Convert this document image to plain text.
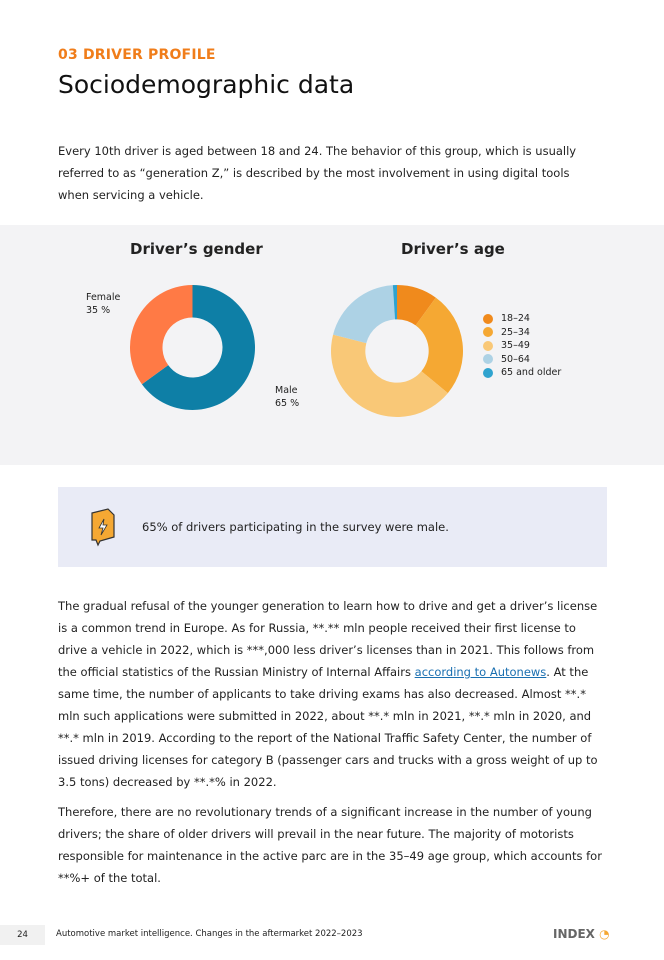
03 DRIVER PROFILE
Sociodemographic data
Every 10th driver is aged between 18 and 24. The behavior of this group, which is usually referred to as “generation Z,” is described by the most involvement in using digital tools when servicing a vehicle.
Driver’s gender	Driver’s age
Female
35 %
Male
65 %
18–24
25–34
35–49
50–64
65 and older
65% of drivers participating in the survey were male.

The gradual refusal of the younger generation to learn how to drive and get a driver’s license is a common trend in Europe. As for Russia, **.** mln people received their first license to drive a vehicle in 2022, which is ***,000 less driver’s licenses than in 2021. This follows from the official statistics of the Russian Ministry of Internal Affairs according to Autonews. At the same time, the number of applicants to take driving exams has also decreased. Almost **.* mln such applications were submitted in 2022, about **.* mln in 2021, **.* mln in 2020, and **.* mln in 2019. According to the report of the National Traffic Safety Center, the number of issued driving licenses for category B (passenger cars and trucks with a gross weight of up to 3.5 tons) decreased by **.*% in 2022.

Therefore, there are no revolutionary trends of a significant increase in the number of young drivers; the share of older drivers will prevail in the near future. The majority of motorists responsible for maintenance in the active parc are in the 35–49 age group, which accounts for **%+ of the total.

24	Automotive market intelligence. Changes in the aftermarket 2022–2023	INDEX ◔
